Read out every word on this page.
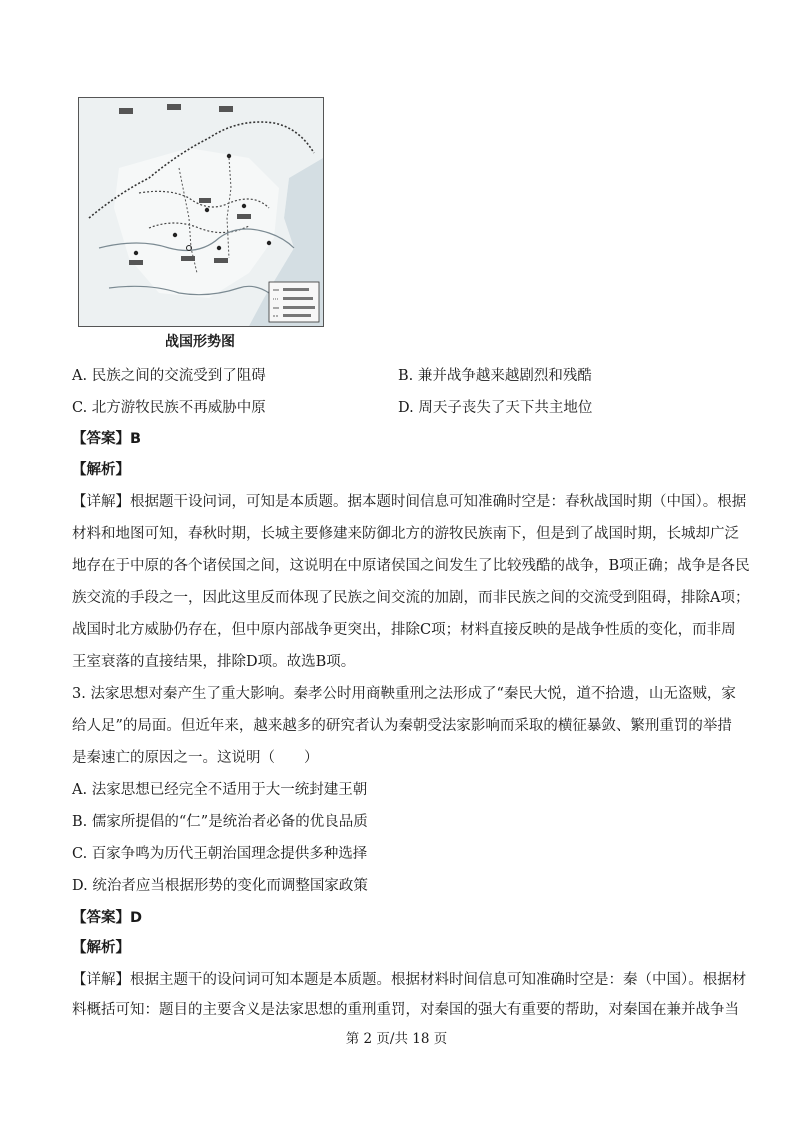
战国形势图
A. 民族之间的交流受到了阻碍	B. 兼并战争越来越剧烈和残酷
C. 北方游牧民族不再威胁中原	D. 周天子丧失了天下共主地位
【答案】B
【解析】
【详解】根据题干设问词，可知是本质题。据本题时间信息可知准确时空是：春秋战国时期（中国）。根据
材料和地图可知，春秋时期，长城主要修建来防御北方的游牧民族南下，但是到了战国时期，长城却广泛
地存在于中原的各个诸侯国之间，这说明在中原诸侯国之间发生了比较残酷的战争，B项正确；战争是各民
族交流的手段之一，因此这里反而体现了民族之间交流的加剧，而非民族之间的交流受到阻碍，排除A项；
战国时北方威胁仍存在，但中原内部战争更突出，排除C项；材料直接反映的是战争性质的变化，而非周
王室衰落的直接结果，排除D项。故选B项。
3. 法家思想对秦产生了重大影响。秦孝公时用商鞅重刑之法形成了“秦民大悦，道不拾遗，山无盗贼，家
给人足”的局面。但近年来，越来越多的研究者认为秦朝受法家影响而采取的横征暴敛、繁刑重罚的举措
是秦速亡的原因之一。这说明（　　）
A. 法家思想已经完全不适用于大一统封建王朝
B. 儒家所提倡的“仁”是统治者必备的优良品质
C. 百家争鸣为历代王朝治国理念提供多种选择
D. 统治者应当根据形势的变化而调整国家政策
【答案】D
【解析】
【详解】根据主题干的设问词可知本题是本质题。根据材料时间信息可知准确时空是：秦（中国）。根据材
料概括可知：题目的主要含义是法家思想的重刑重罚，对秦国的强大有重要的帮助，对秦国在兼并战争当
第 2 页/共 18 页
